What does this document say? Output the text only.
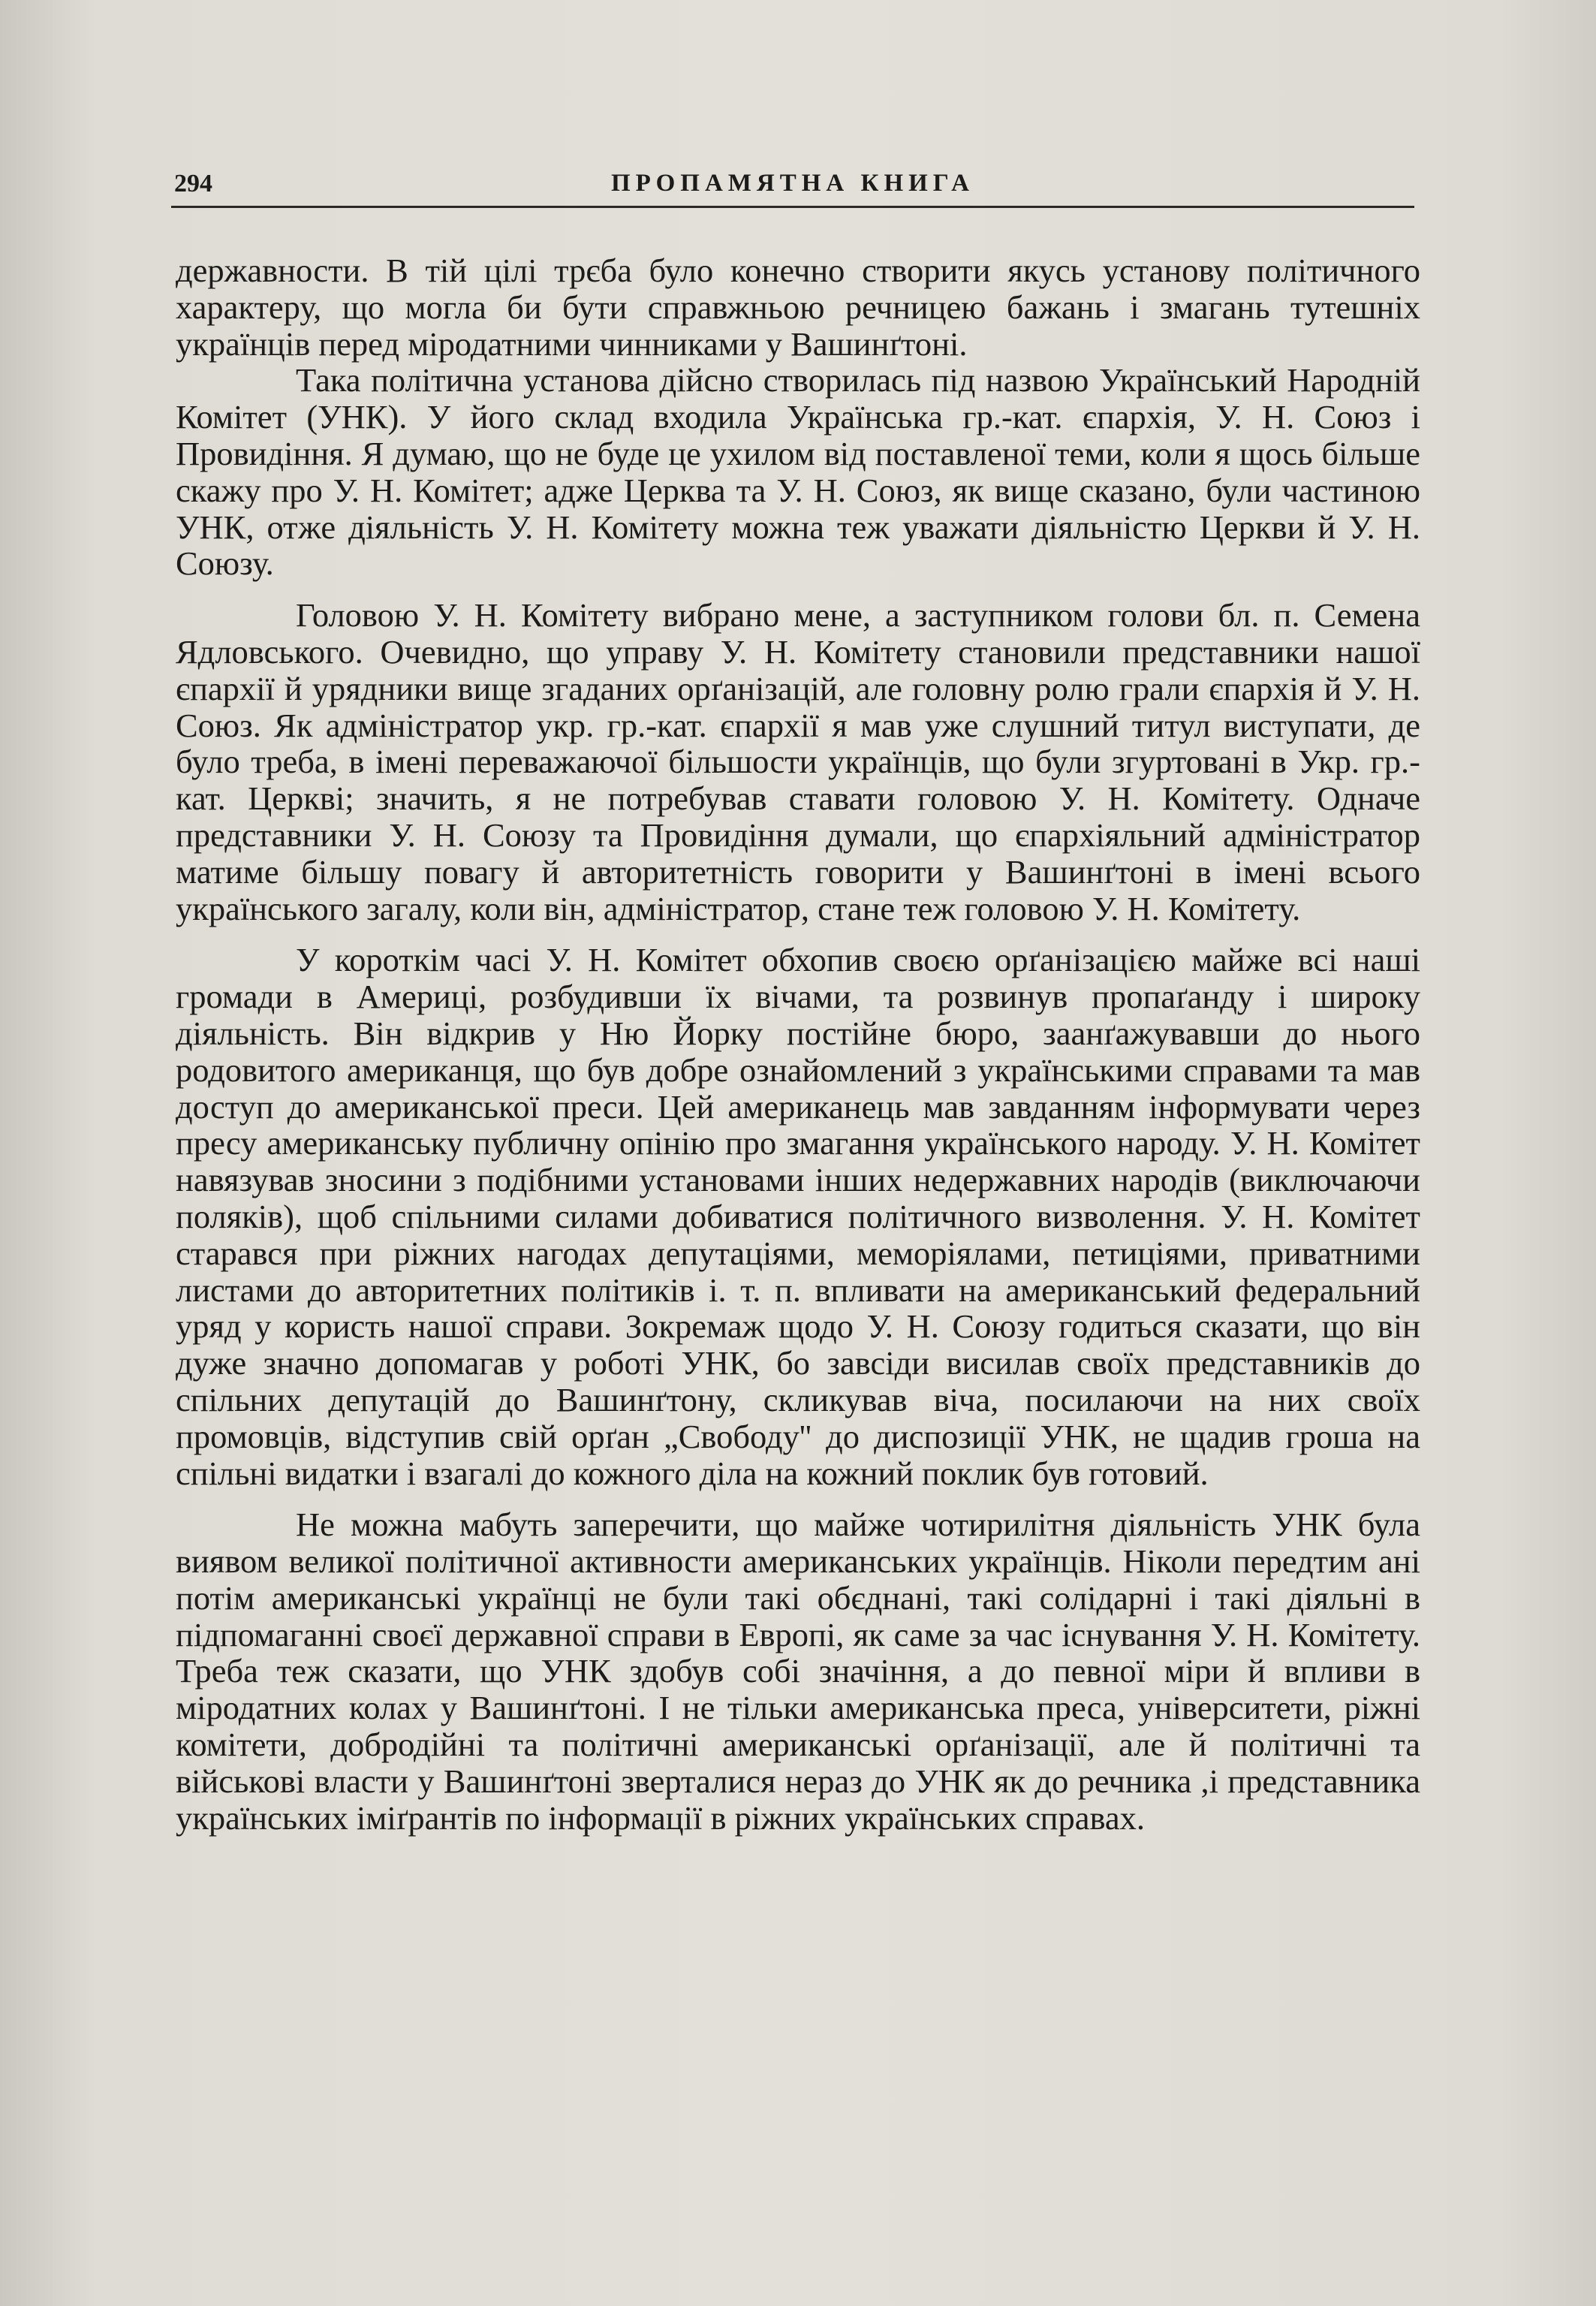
294	ПРОПАМЯТНА КНИГА

державности. В тій цілі трєба було конечно створити якусь установу політичного характеру, що могла би бути справжньою речницею бажань і змагань тутешніх українців перед міродатними чинниками у Вашинґтоні.

Така політична установа дійсно створилась під назвою Український Народній Комітет (УНК). У його склад входила Українська гр.-кат. єпархія, У. Н. Союз і Провидіння. Я думаю, що не буде це ухилом від поставленої теми, коли я щось більше скажу про У. Н. Комітет; адже Церква та У. Н. Союз, як вище сказано, були частиною УНК, отже діяльність У. Н. Комітету можна теж уважати діяльністю Церкви й У. Н. Союзу.

Головою У. Н. Комітету вибрано мене, а заступником голови бл. п. Семена Ядловського. Очевидно, що управу У. Н. Комітету становили представники нашої єпархії й урядники вище згаданих орґанізацій, але головну ролю грали єпархія й У. Н. Союз. Як адміністратор укр. гр.-кат. єпархії я мав уже слушний титул виступати, де було треба, в імені переважаючої більшости українців, що були згуртовані в Укр. гр.-кат. Церкві; значить, я не потребував ставати головою У. Н. Комітету. Одначе представники У. Н. Союзу та Провидіння думали, що єпархіяльний адміністратор матиме більшу повагу й авторитетність говорити у Вашинґтоні в імені всього українського загалу, коли він, адміністратор, стане теж головою У. Н. Комітету.

У короткім часі У. Н. Комітет обхопив своєю орґанізацією майже всі наші громади в Америці, розбудивши їх вічами, та розвинув пропаґанду і широку діяльність. Він відкрив у Ню Йорку постійне бюро, заанґажувавши до нього родовитого американця, що був добре ознайомлений з українськими справами та мав доступ до американської преси. Цей американець мав завданням інформувати через пресу американську публичну опінію про змагання українського народу. У. Н. Комітет навязував зносини з подібними установами інших недержавних народів (виключаючи поляків), щоб спільними силами добиватися політичного визволення. У. Н. Комітет старався при ріжних нагодах депутаціями, меморіялами, петиціями, приватними листами до авторитетних політиків і. т. п. впливати на американський федеральний уряд у користь нашої справи. Зокремаж щодо У. Н. Союзу годиться сказати, що він дуже значно допомагав у роботі УНК, бо завсіди висилав своїх представників до спільних депутацій до Вашинґтону, скликував віча, посилаючи на них своїх промовців, відступив свій орґан „Свободу'' до диспозиції УНК, не щадив гроша на спільні видатки і взагалі до кожного діла на кожний поклик був готовий.

Не можна мабуть заперечити, що майже чотирилітня діяльність УНК була виявом великої політичної активности американських українців. Ніколи передтим ані потім американські українці не були такі обєднані, такі солідарні і такі діяльні в підпомаганні своєї державної справи в Европі, як саме за час існування У. Н. Комітету. Треба теж сказати, що УНК здобув собі значіння, а до певної міри й впливи в міродатних колах у Вашинґтоні. І не тільки американська преса, університети, ріжні комітети, добродійні та політичні американські орґанізації, але й політичні та військові власти у Вашинґтоні зверталися нераз до УНК як до речника ,і представника українських іміґрантів по інформації в ріжних українських справах.
